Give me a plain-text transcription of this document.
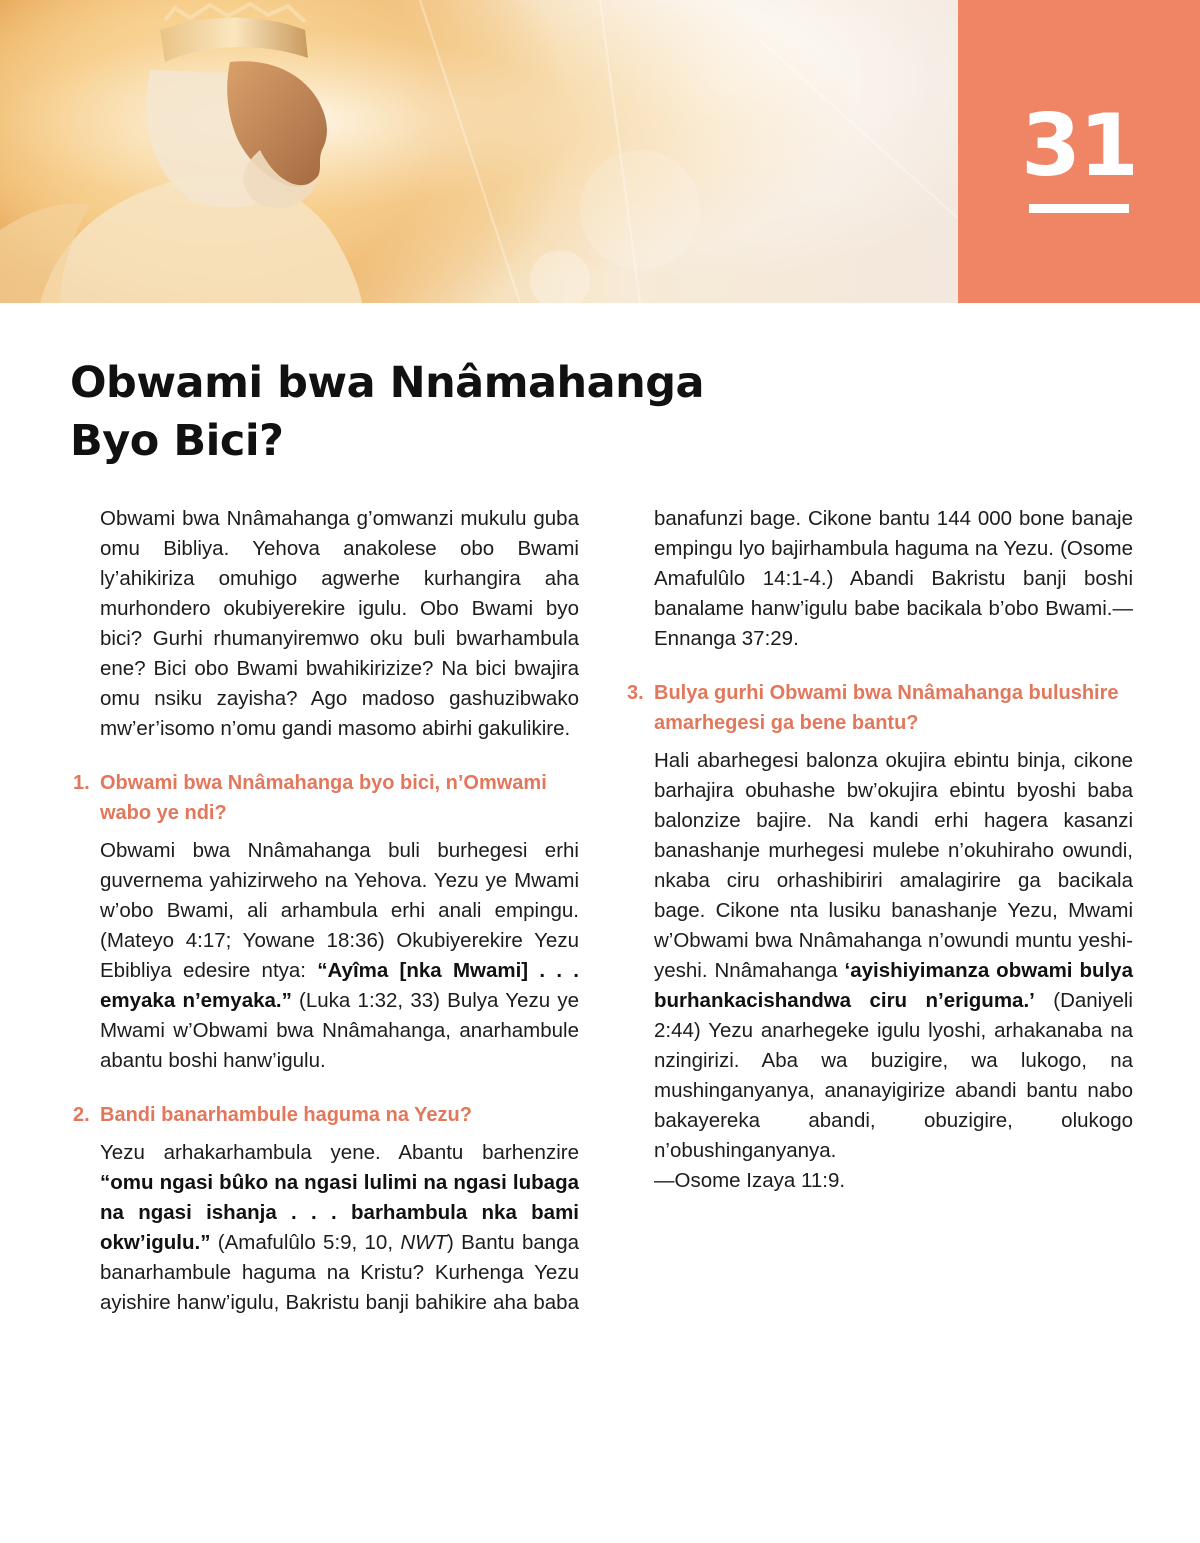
31
Obwami bwa Nnâmahanga
Byo Bici?

Obwami bwa Nnâmahanga g’omwanzi mukulu guba omu Bibliya. Yehova anakolese obo Bwami ly’ahikiriza omuhigo agwerhe kurhangira aha murhondero okubiyerekire igulu. Obo Bwami byo bici? Gurhi rhumanyiremwo oku buli bwarhambula ene? Bici obo Bwami bwahikirizize? Na bici bwajira omu nsiku zayisha? Ago madoso gashuzibwako mw’er’isomo n’omu gandi masomo abirhi gakulikire.

1. Obwami bwa Nnâmahanga byo bici, n’Omwami wabo ye ndi?

Obwami bwa Nnâmahanga buli burhegesi erhi guvernema yahizirweho na Yehova. Yezu ye Mwami w’obo Bwami, ali arhambula erhi anali empingu. (Mateyo 4:17; Yowane 18:36) Okubiyerekire Yezu Ebibliya edesire ntya: “Ayîma [nka Mwami] . . . emyaka n’emyaka.” (Luka 1:32, 33) Bulya Yezu ye Mwami w’Obwami bwa Nnâmahanga, anarhambule abantu boshi hanw’igulu.

2. Bandi banarhambule haguma na Yezu?

Yezu arhakarhambula yene. Abantu barhenzire “omu ngasi bûko na ngasi lulimi na ngasi lubaga na ngasi ishanja . . . barhambula nka bami okw’igulu.” (Amafulûlo 5:9, 10, NWT) Bantu banga banarhambule haguma na Kristu? Kurhenga Yezu ayishire hanw’igulu, Bakristu banji bahikire aha baba banafunzi bage. Cikone bantu 144 000 bone banaje empingu lyo bajirhambula haguma na Yezu. (Osome Amafulûlo 14:1-4.) Abandi Bakristu banji boshi banalame hanw’igulu babe bacikala b’obo Bwami.—Ennanga 37:29.

3. Bulya gurhi Obwami bwa Nnâmahanga bulushire amarhegesi ga bene bantu?

Hali abarhegesi balonza okujira ebintu binja, cikone barhajira obuhashe bw’okujira ebintu byoshi baba balonzize bajire. Na kandi erhi hagera kasanzi banashanje murhegesi mulebe n’okuhiraho owundi, nkaba ciru orhashibiriri amalagirire ga bacikala bage. Cikone nta lusiku banashanje Yezu, Mwami w’Obwami bwa Nnâmahanga n’owundi muntu yeshi-yeshi. Nnâmahanga ‘ayishiyimanza obwami bulya burhankacishandwa ciru n’eriguma.’ (Daniyeli 2:44) Yezu anarhegeke igulu lyoshi, arhakanaba na nzingirizi. Aba wa buzigire, wa lukogo, na mushinganyanya, ananayigirize abandi bantu nabo bakayereka abandi, obuzigire, olukogo n’obushinganyanya.
—Osome Izaya 11:9.
